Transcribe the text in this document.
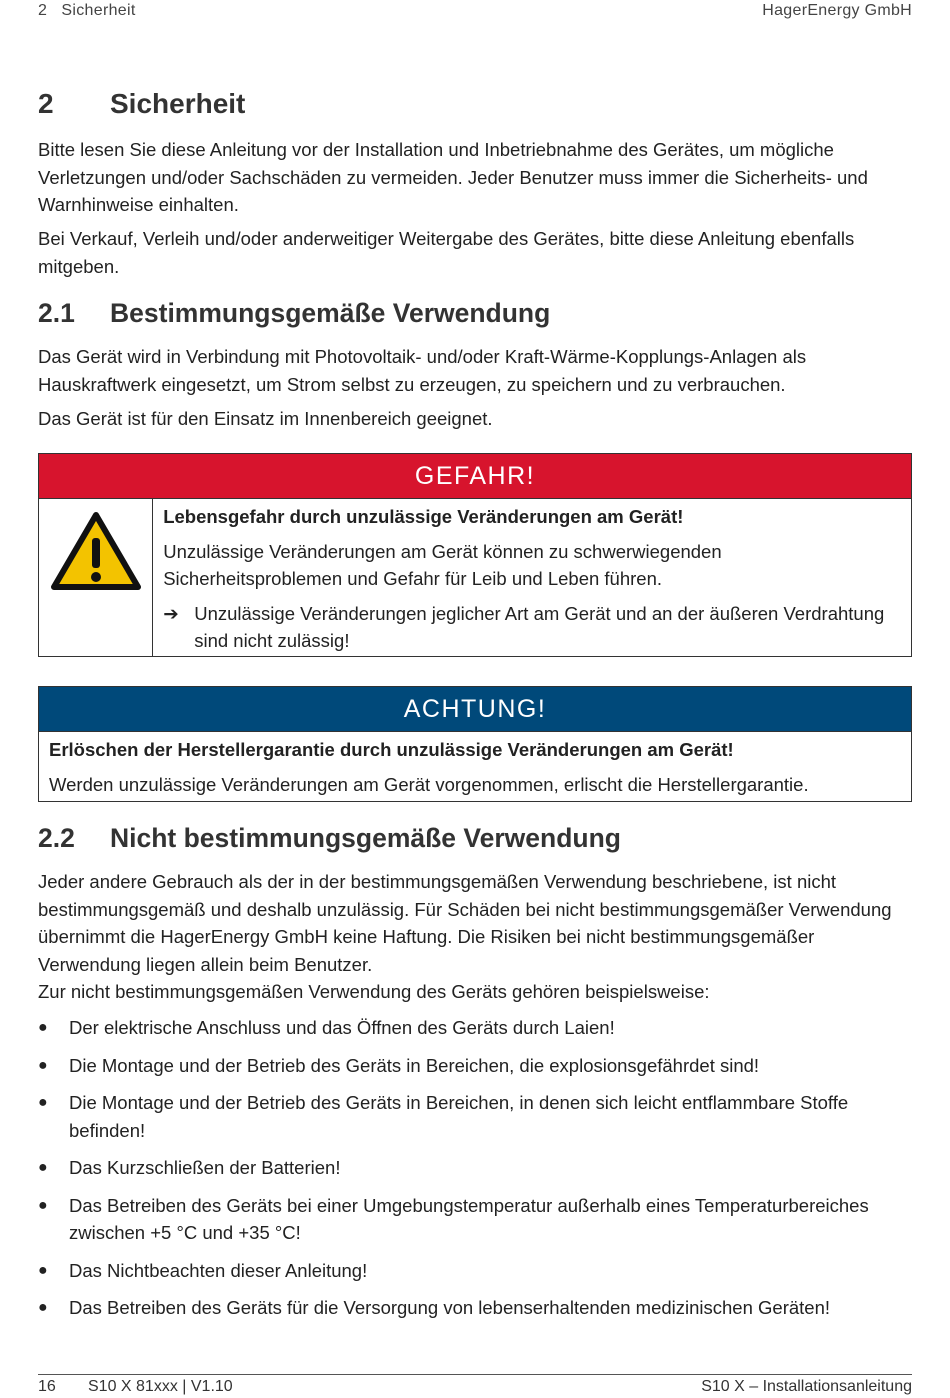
2   Sicherheit	HagerEnergy GmbH
2 Sicherheit

Bitte lesen Sie diese Anleitung vor der Installation und Inbetriebnahme des Gerätes, um mögliche Verletzungen und/oder Sachschäden zu vermeiden. Jeder Benutzer muss immer die Sicherheits- und Warnhinweise einhalten.

Bei Verkauf, Verleih und/oder anderweitiger Weitergabe des Gerätes, bitte diese Anleitung ebenfalls mitgeben.

2.1 Bestimmungsgemäße Verwendung

Das Gerät wird in Verbindung mit Photovoltaik- und/oder Kraft-Wärme-Kopplungs-Anlagen als Hauskraftwerk eingesetzt, um Strom selbst zu erzeugen, zu speichern und zu verbrauchen.

Das Gerät ist für den Einsatz im Innenbereich geeignet.

GEFAHR!

Lebensgefahr durch unzulässige Veränderungen am Gerät!

Unzulässige Veränderungen am Gerät können zu schwerwiegenden Sicherheitsproblemen und Gefahr für Leib und Leben führen.

➔ Unzulässige Veränderungen jeglicher Art am Gerät und an der äußeren Verdrahtung sind nicht zulässig!

ACHTUNG!

Erlöschen der Herstellergarantie durch unzulässige Veränderungen am Gerät!

Werden unzulässige Veränderungen am Gerät vorgenommen, erlischt die Herstellergarantie.

2.2 Nicht bestimmungsgemäße Verwendung

Jeder andere Gebrauch als der in der bestimmungsgemäßen Verwendung beschriebene, ist nicht bestimmungsgemäß und deshalb unzulässig. Für Schäden bei nicht bestimmungsgemäßer Verwendung übernimmt die HagerEnergy GmbH keine Haftung. Die Risiken bei nicht bestimmungsgemäßer Verwendung liegen allein beim Benutzer.

Zur nicht bestimmungsgemäßen Verwendung des Geräts gehören beispielsweise:

●	Der elektrische Anschluss und das Öffnen des Geräts durch Laien!
●	Die Montage und der Betrieb des Geräts in Bereichen, die explosionsgefährdet sind!
●	Die Montage und der Betrieb des Geräts in Bereichen, in denen sich leicht entflammbare Stoffe befinden!
●	Das Kurzschließen der Batterien!
●	Das Betreiben des Geräts bei einer Umgebungstemperatur außerhalb eines Temperaturbereiches zwischen +5 °C und +35 °C!
●	Das Nichtbeachten dieser Anleitung!
●	Das Betreiben des Geräts für die Versorgung von lebenserhaltenden medizinischen Geräten!
16 S10 X 81xxx | V1.10	S10 X – Installationsanleitung
